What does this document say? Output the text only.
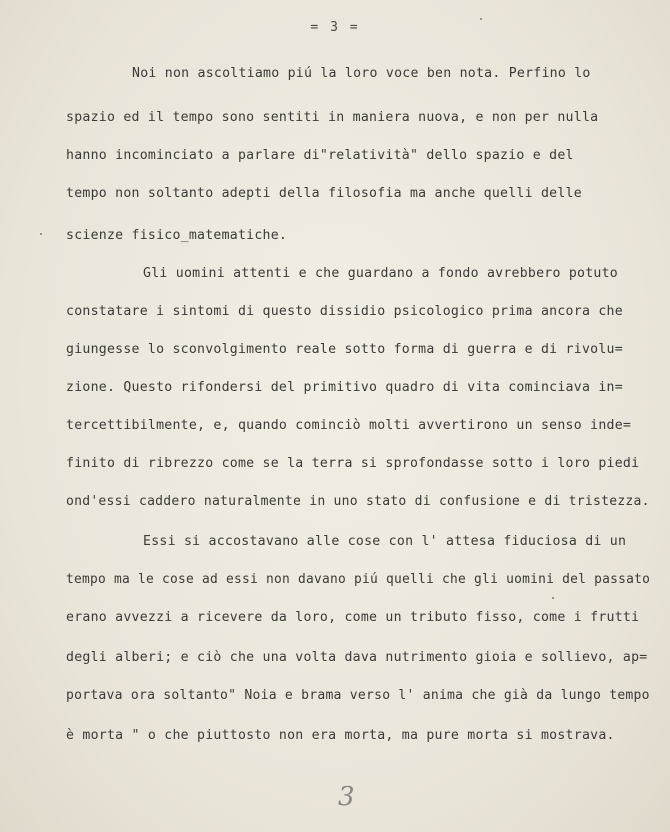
= 3 =
Noi non ascoltiamo piú la loro voce ben nota. Perfino lo
spazio ed il tempo sono sentiti in maniera nuova, e non per nulla
hanno incominciato a parlare di"relatività" dello spazio e del
tempo non soltanto adepti della filosofia ma anche quelli delle
scienze fisico_matematiche.
Gli uomini attenti e che guardano a fondo avrebbero potuto
constatare i sintomi di questo dissidio psicologico prima ancora che
giungesse lo sconvolgimento reale sotto forma di guerra e di rivolu=
zione. Questo rifondersi del primitivo quadro di vita cominciava in=
tercettibilmente, e, quando cominciò molti avvertirono un senso inde=
finito di ribrezzo come se la terra si sprofondasse sotto i loro piedi
ond'essi caddero naturalmente in uno stato di confusione e di tristezza.
Essi si accostavano alle cose con l' attesa fiduciosa di un
tempo ma le cose ad essi non davano piú quelli che gli uomini del passato
erano avvezzi a ricevere da loro, come un tributo fisso, come i frutti
degli alberi; e ciò che una volta dava nutrimento gioia e sollievo, ap=
portava ora soltanto" Noia e brama verso l' anima che già da lungo tempo
è morta " o che piuttosto non era morta, ma pure morta si mostrava.
3
